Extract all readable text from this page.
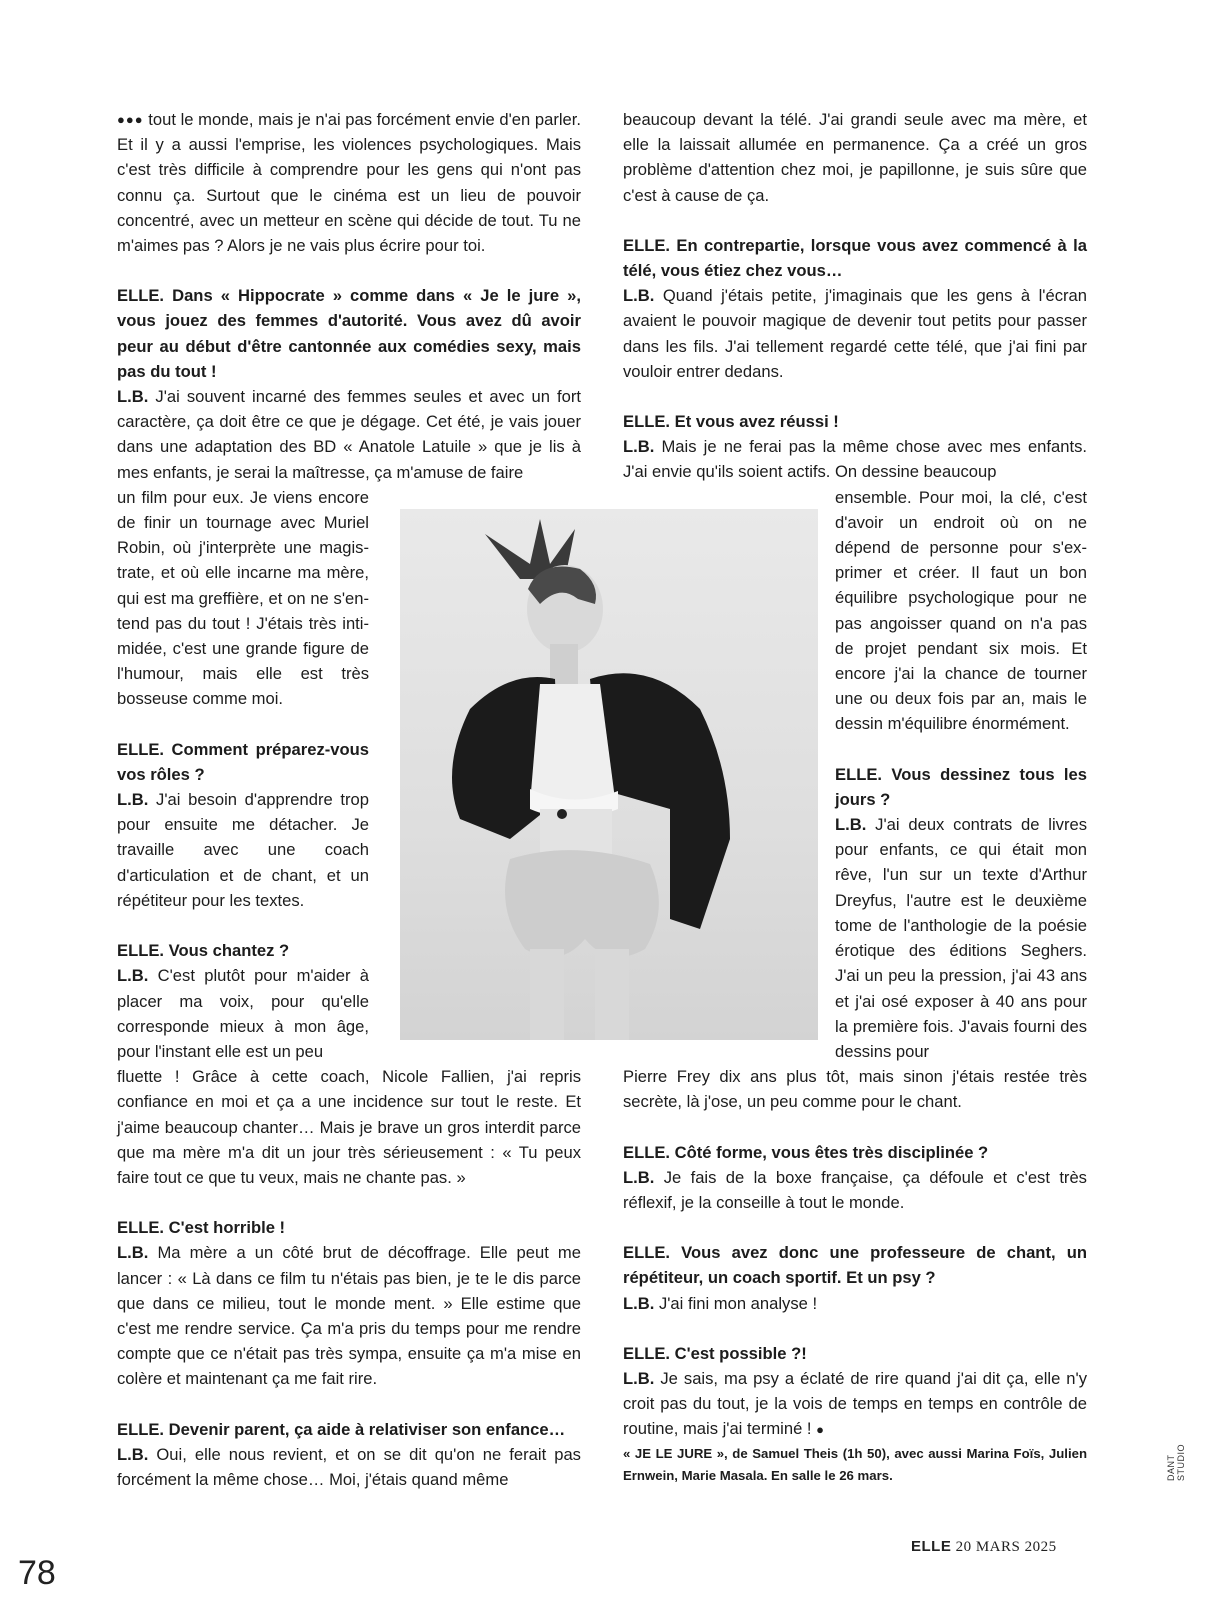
●●● tout le monde, mais je n'ai pas forcément envie d'en parler. Et il y a aussi l'emprise, les violences psychologiques. Mais c'est très difficile à comprendre pour les gens qui n'ont pas connu ça. Surtout que le cinéma est un lieu de pouvoir concentré, avec un metteur en scène qui décide de tout. Tu ne m'aimes pas ? Alors je ne vais plus écrire pour toi.

ELLE. Dans « Hippocrate » comme dans « Je le jure », vous jouez des femmes d'autorité. Vous avez dû avoir peur au début d'être cantonnée aux comédies sexy, mais pas du tout !

L.B. J'ai souvent incarné des femmes seules et avec un fort caractère, ça doit être ce que je dégage. Cet été, je vais jouer dans une adaptation des BD « Anatole Latuile » que je lis à mes enfants, je serai la maîtresse, ça m'amuse de faire

un film pour eux. Je viens encore de finir un tournage avec Muriel Robin, où j'interprète une magis-trate, et où elle incarne ma mère, qui est ma greffière, et on ne s'en-tend pas du tout ! J'étais très inti-midée, c'est une grande figure de l'humour, mais elle est très bosseuse comme moi.

ELLE. Comment préparez-vous vos rôles ?

L.B. J'ai besoin d'apprendre trop pour ensuite me détacher. Je travaille avec une coach d'articulation et de chant, et un répétiteur pour les textes.

ELLE. Vous chantez ?

L.B. C'est plutôt pour m'aider à placer ma voix, pour qu'elle corresponde mieux à mon âge, pour l'instant elle est un peu

fluette ! Grâce à cette coach, Nicole Fallien, j'ai repris confiance en moi et ça a une incidence sur tout le reste. Et j'aime beaucoup chanter… Mais je brave un gros interdit parce que ma mère m'a dit un jour très sérieusement : « Tu peux faire tout ce que tu veux, mais ne chante pas. »

ELLE. C'est horrible !

L.B. Ma mère a un côté brut de décoffrage. Elle peut me lancer : « Là dans ce film tu n'étais pas bien, je te le dis parce que dans ce milieu, tout le monde ment. » Elle estime que c'est me rendre service. Ça m'a pris du temps pour me rendre compte que ce n'était pas très sympa, ensuite ça m'a mise en colère et maintenant ça me fait rire.

ELLE. Devenir parent, ça aide à relativiser son enfance…

L.B. Oui, elle nous revient, et on se dit qu'on ne ferait pas forcément la même chose… Moi, j'étais quand même

beaucoup devant la télé. J'ai grandi seule avec ma mère, et elle la laissait allumée en permanence. Ça a créé un gros problème d'attention chez moi, je papillonne, je suis sûre que c'est à cause de ça.

ELLE. En contrepartie, lorsque vous avez commencé à la télé, vous étiez chez vous…

L.B. Quand j'étais petite, j'imaginais que les gens à l'écran avaient le pouvoir magique de devenir tout petits pour passer dans les fils. J'ai tellement regardé cette télé, que j'ai fini par vouloir entrer dedans.

ELLE. Et vous avez réussi !

L.B. Mais je ne ferai pas la même chose avec mes enfants. J'ai envie qu'ils soient actifs. On dessine beaucoup

ensemble. Pour moi, la clé, c'est d'avoir un endroit où on ne dépend de personne pour s'ex-primer et créer. Il faut un bon équilibre psychologique pour ne pas angoisser quand on n'a pas de projet pendant six mois. Et encore j'ai la chance de tourner une ou deux fois par an, mais le dessin m'équilibre énormément.

ELLE. Vous dessinez tous les jours ?

L.B. J'ai deux contrats de livres pour enfants, ce qui était mon rêve, l'un sur un texte d'Arthur Dreyfus, l'autre est le deuxième tome de l'anthologie de la poésie érotique des éditions Seghers. J'ai un peu la pression, j'ai 43 ans et j'ai osé exposer à 40 ans pour la première fois. J'avais fourni des dessins pour

Pierre Frey dix ans plus tôt, mais sinon j'étais restée très secrète, là j'ose, un peu comme pour le chant.

ELLE. Côté forme, vous êtes très disciplinée ?

L.B. Je fais de la boxe française, ça défoule et c'est très réflexif, je la conseille à tout le monde.

ELLE. Vous avez donc une professeure de chant, un répétiteur, un coach sportif. Et un psy ?

L.B. J'ai fini mon analyse !

ELLE. C'est possible ?!

L.B. Je sais, ma psy a éclaté de rire quand j'ai dit ça, elle n'y croit pas du tout, je la vois de temps en temps en contrôle de routine, mais j'ai terminé ! ●

« JE LE JURE », de Samuel Theis (1h 50), avec aussi Marina Foïs, Julien Ernwein, Marie Masala. En salle le 26 mars.	DANT STUDIO
78
ELLE 20 MARS 2025
